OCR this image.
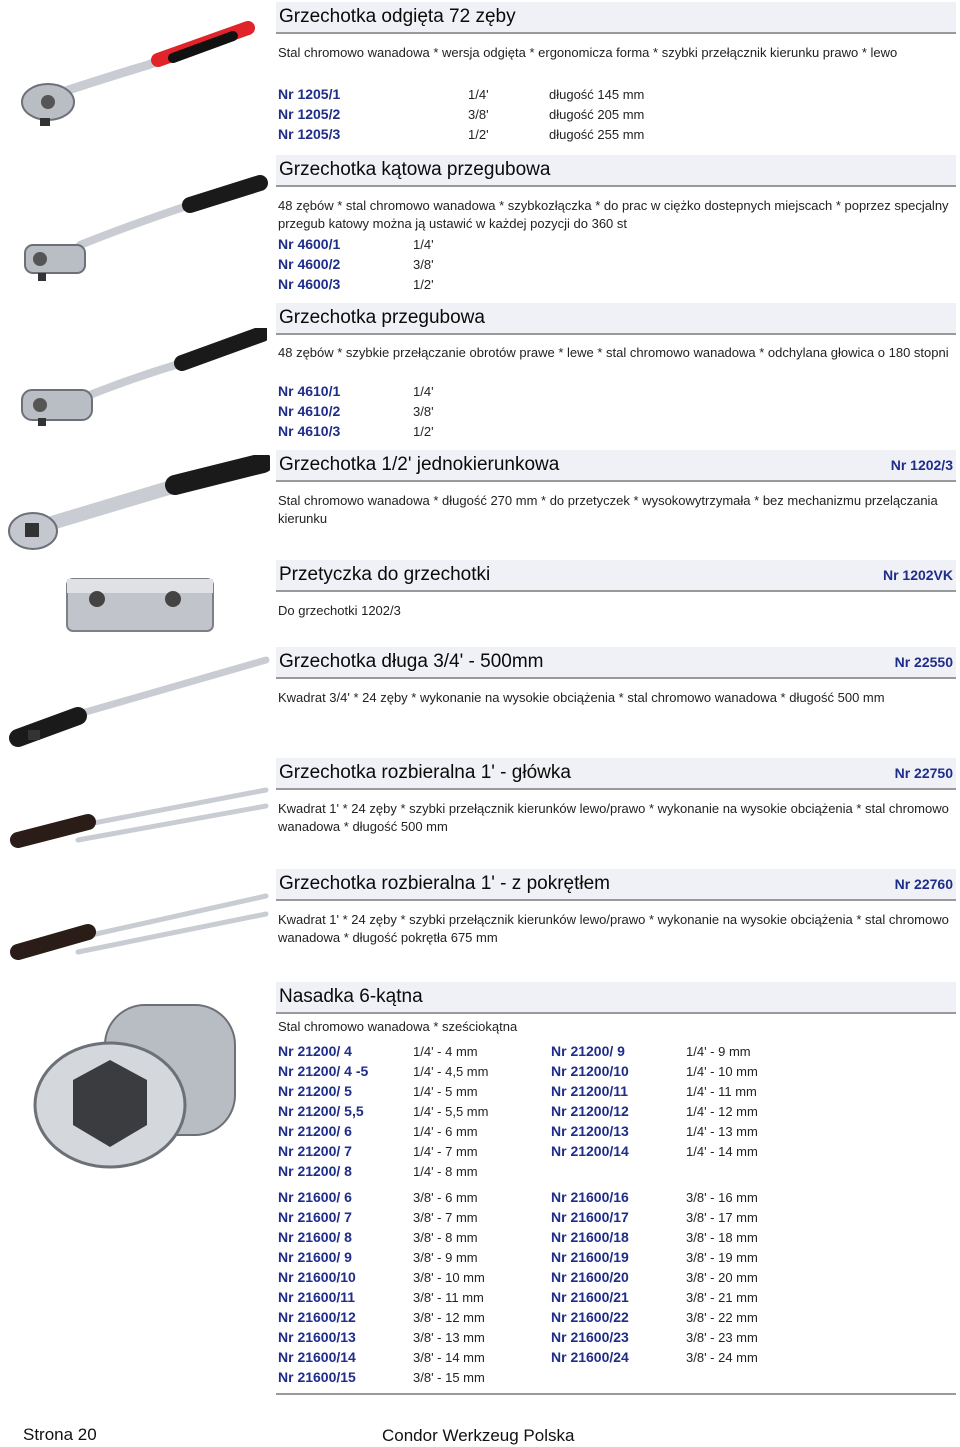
Grzechotka odgięta 72 zęby
Stal chromowo wanadowa * wersja odgięta * ergonomicza forma * szybki przełącznik kierunku prawo * lewo
Nr 1205/1	1/4'	długość 145 mm
Nr 1205/2	3/8'	długość 205 mm
Nr 1205/3	1/2'	długość 255 mm
Grzechotka kątowa przegubowa
48 zębów * stal chromowo wanadowa * szybkozłączka * do prac w ciężko dostepnych miejscach * poprzez specjalny przegub katowy można ją ustawić w każdej pozycji do 360 st
Nr 4600/1	1/4'
Nr 4600/2	3/8'
Nr 4600/3	1/2'
Grzechotka przegubowa
48 zębów * szybkie przełączanie obrotów prawe * lewe * stal chromowo wanadowa * odchylana głowica o 180 stopni
Nr 4610/1	1/4'
Nr 4610/2	3/8'
Nr 4610/3	1/2'
Grzechotka 1/2' jednokierunkowa	Nr 1202/3
Stal chromowo wanadowa * długość 270 mm * do przetyczek * wysokowytrzymała * bez mechanizmu przelączania kierunku
Przetyczka do grzechotki	Nr 1202VK
Do grzechotki 1202/3
Grzechotka długa 3/4' - 500mm	Nr 22550
Kwadrat 3/4' * 24 zęby * wykonanie na wysokie obciążenia * stal chromowo wanadowa * długość 500 mm
Grzechotka rozbieralna 1' - główka	Nr 22750
Kwadrat 1' * 24 zęby * szybki przełącznik kierunków lewo/prawo * wykonanie na wysokie obciążenia * stal chromowo wanadowa * długość 500 mm
Grzechotka rozbieralna 1' - z pokrętłem	Nr 22760
Kwadrat 1' * 24 zęby * szybki przełącznik kierunków lewo/prawo * wykonanie na wysokie obciążenia * stal chromowo wanadowa * długość pokrętła 675 mm
Nasadka 6-kątna
Stal chromowo wanadowa * sześciokątna
Nr 21200/ 4	1/4' - 4 mm	Nr 21200/ 9	1/4' - 9 mm
Nr 21200/ 4 -5	1/4' - 4,5 mm	Nr 21200/10	1/4' - 10 mm
Nr 21200/ 5	1/4' - 5 mm	Nr 21200/11	1/4' - 11 mm
Nr 21200/ 5,5	1/4' - 5,5 mm	Nr 21200/12	1/4' - 12 mm
Nr 21200/ 6	1/4' - 6 mm	Nr 21200/13	1/4' - 13 mm
Nr 21200/ 7	1/4' - 7 mm	Nr 21200/14	1/4' - 14 mm
Nr 21200/ 8	1/4' - 8 mm
Nr 21600/ 6	3/8' - 6 mm	Nr 21600/16	3/8' - 16 mm
Nr 21600/ 7	3/8' - 7 mm	Nr 21600/17	3/8' - 17 mm
Nr 21600/ 8	3/8' - 8 mm	Nr 21600/18	3/8' - 18 mm
Nr 21600/ 9	3/8' - 9 mm	Nr 21600/19	3/8' - 19 mm
Nr 21600/10	3/8' - 10 mm	Nr 21600/20	3/8' - 20 mm
Nr 21600/11	3/8' - 11 mm	Nr 21600/21	3/8' - 21 mm
Nr 21600/12	3/8' - 12 mm	Nr 21600/22	3/8' - 22 mm
Nr 21600/13	3/8' - 13 mm	Nr 21600/23	3/8' - 23 mm
Nr 21600/14	3/8' - 14 mm	Nr 21600/24	3/8' - 24 mm
Nr 21600/15	3/8' - 15 mm
Strona 20	Condor Werkzeug Polska
